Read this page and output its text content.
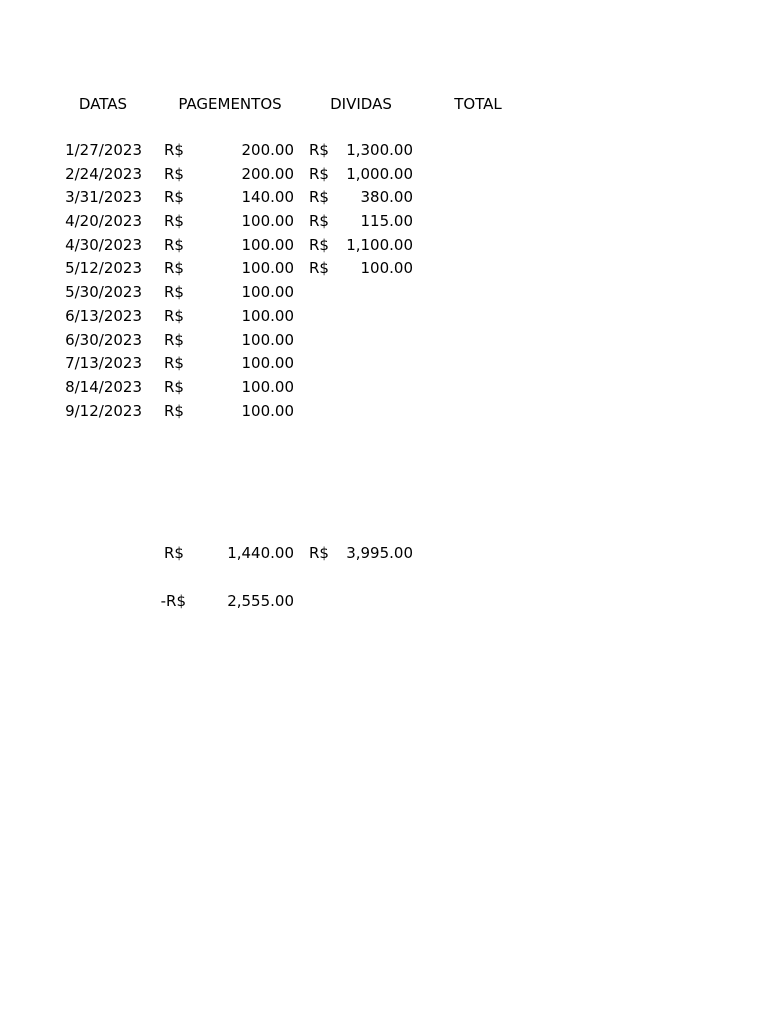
DATAS	PAGEMENTOS	DIVIDAS	TOTAL
1/27/2023 R$	200.00 R$	1,300.00
2/24/2023 R$	200.00 R$	1,000.00
3/31/2023 R$	140.00 R$	380.00
4/20/2023 R$	100.00 R$	115.00
4/30/2023 R$	100.00 R$	1,100.00
5/12/2023 R$	100.00 R$	100.00
5/30/2023 R$	100.00
6/13/2023 R$	100.00
6/30/2023 R$	100.00
7/13/2023 R$	100.00
8/14/2023 R$	100.00
9/12/2023 R$	100.00
R$	1,440.00 R$	3,995.00
-R$	2,555.00
